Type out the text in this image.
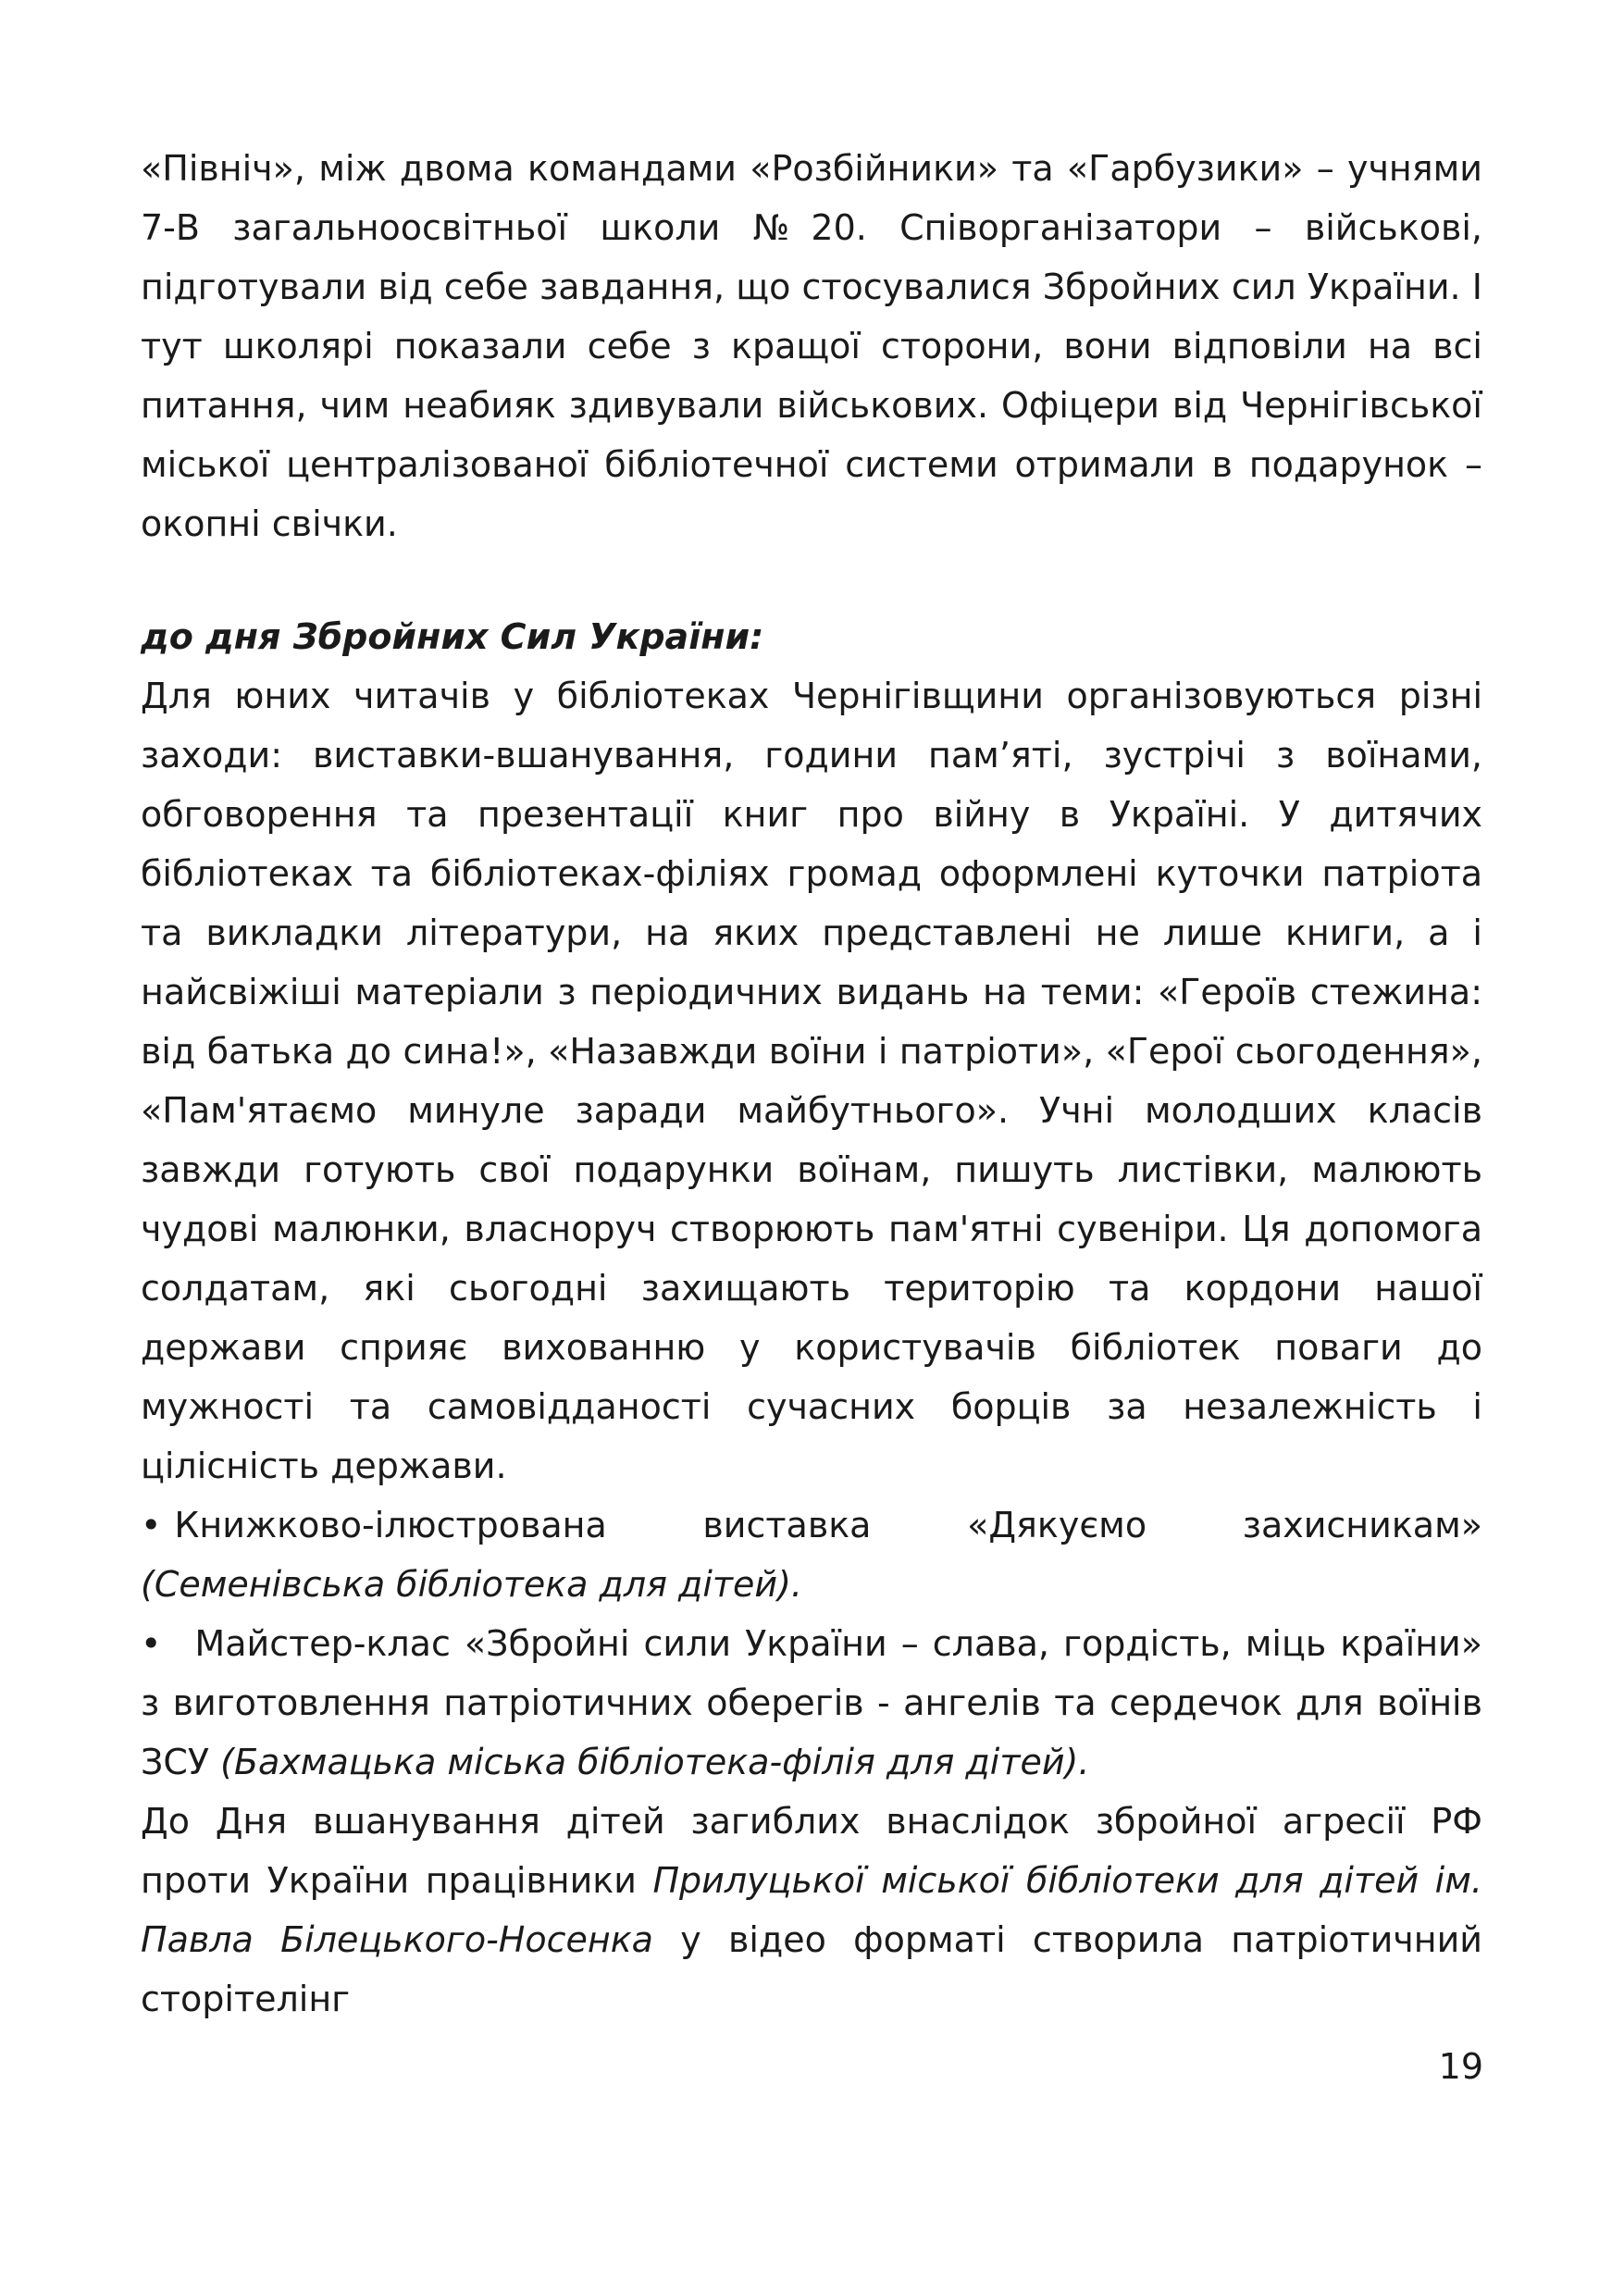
«Північ», між двома командами «Розбійники» та «Гарбузики» – учнями 7-В загальноосвітньої школи №20. Співорганізатори – військові, підготували від себе завдання, що стосувалися Збройних сил України. І тут школярі показали себе з кращої сторони, вони відповіли на всі питання, чим неабияк здивували військових. Офіцери від Чернігівської міської централізованої бібліотечної системи отримали в подарунок – окопні свічки.

до дня Збройних Сил України:

Для юних читачів у бібліотеках Чернігівщини організовуються різні заходи: виставки-вшанування, години пам’яті, зустрічі з воїнами, обговорення та презентації книг про війну в Україні. У дитячих бібліотеках та бібліотеках-філіях громад оформлені куточки патріота та викладки літератури, на яких представлені не лише книги, а і найсвіжіші матеріали з періодичних видань на теми: «Героїв стежина: від батька до сина!», «Назавжди воїни і патріоти», «Герої сьогодення», «Пам'ятаємо минуле заради майбутнього». Учні молодших класів завжди готують свої подарунки воїнам, пишуть листівки, малюють чудові малюнки, власноруч створюють пам'ятні сувеніри. Ця допомога солдатам, які сьогодні захищають територію та кордони нашої держави сприяє вихованню у користувачів бібліотек поваги до мужності та самовідданості сучасних борців за незалежність і цілісність держави.

• Книжково-ілюстрована виставка «Дякуємо захисникам» (Семенівська бібліотека для дітей).

• Майстер-клас «Збройні сили України – слава, гордість, міць країни» з виготовлення патріотичних оберегів - ангелів та сердечок для воїнів ЗСУ (Бахмацька міська бібліотека-філія для дітей).

До Дня вшанування дітей загиблих внаслідок збройної агресії РФ проти України працівники Прилуцької міської бібліотеки для дітей ім. Павла Білецького-Носенка у відео форматі створила патріотичний сторітелінг

19
